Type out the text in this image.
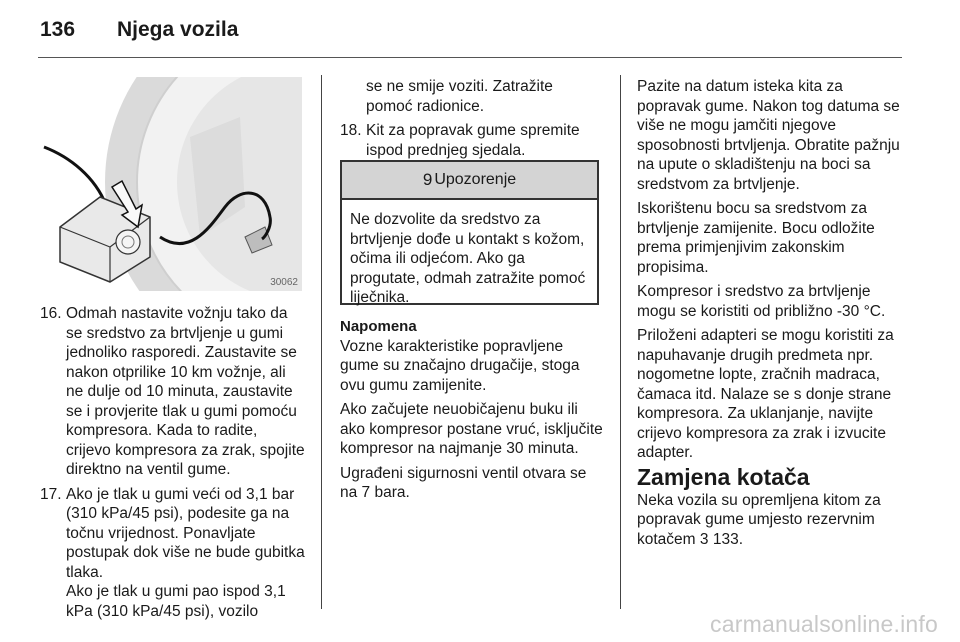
136 Njega vozila
30062
16. Odmah nastavite vožnju tako da se sredstvo za brtvljenje u gumi jednoliko rasporedi. Zaustavite se nakon otprilike 10 km vožnje, ali ne dulje od 10 minuta, zaustavite se i provjerite tlak u gumi pomoću kompresora. Kada to radite, crijevo kompresora za zrak, spojite direktno na ventil gume.

17. Ako je tlak u gumi veći od 3,1 bar (310 kPa/45 psi), podesite ga na točnu vrijednost. Ponavljate postupak dok više ne bude gubitka tlaka.

Ako je tlak u gumi pao ispod 3,1 kPa (310 kPa/45 psi), vozilo

se ne smije voziti. Zatražite pomoć radionice.

18. Kit za popravak gume spremite ispod prednjeg sjedala.

9 Upozorenje
Ne dozvolite da sredstvo za brtvljenje dođe u kontakt s kožom, očima ili odjećom. Ako ga progutate, odmah zatražite pomoć liječnika.

Napomena

Vozne karakteristike popravljene gume su značajno drugačije, stoga ovu gumu zamijenite.

Ako začujete neuobičajenu buku ili ako kompresor postane vruć, isključite kompresor na najmanje 30 minuta.

Ugrađeni sigurnosni ventil otvara se na 7 bara.

Pazite na datum isteka kita za popravak gume. Nakon tog datuma se više ne mogu jamčiti njegove sposobnosti brtvljenja. Obratite pažnju na upute o skladištenju na boci sa sredstvom za brtvljenje.

Iskorištenu bocu sa sredstvom za brtvljenje zamijenite. Bocu odložite prema primjenjivim zakonskim propisima.

Kompresor i sredstvo za brtvljenje mogu se koristiti od približno -30 °C.

Priloženi adapteri se mogu koristiti za napuhavanje drugih predmeta npr. nogometne lopte, zračnih madraca, čamaca itd. Nalaze se s donje strane kompresora. Za uklanjanje, navijte crijevo kompresora za zrak i izvucite adapter.

Zamjena kotača

Neka vozila su opremljena kitom za popravak gume umjesto rezervnim kotačem 3 133.

carmanualsonline.info
